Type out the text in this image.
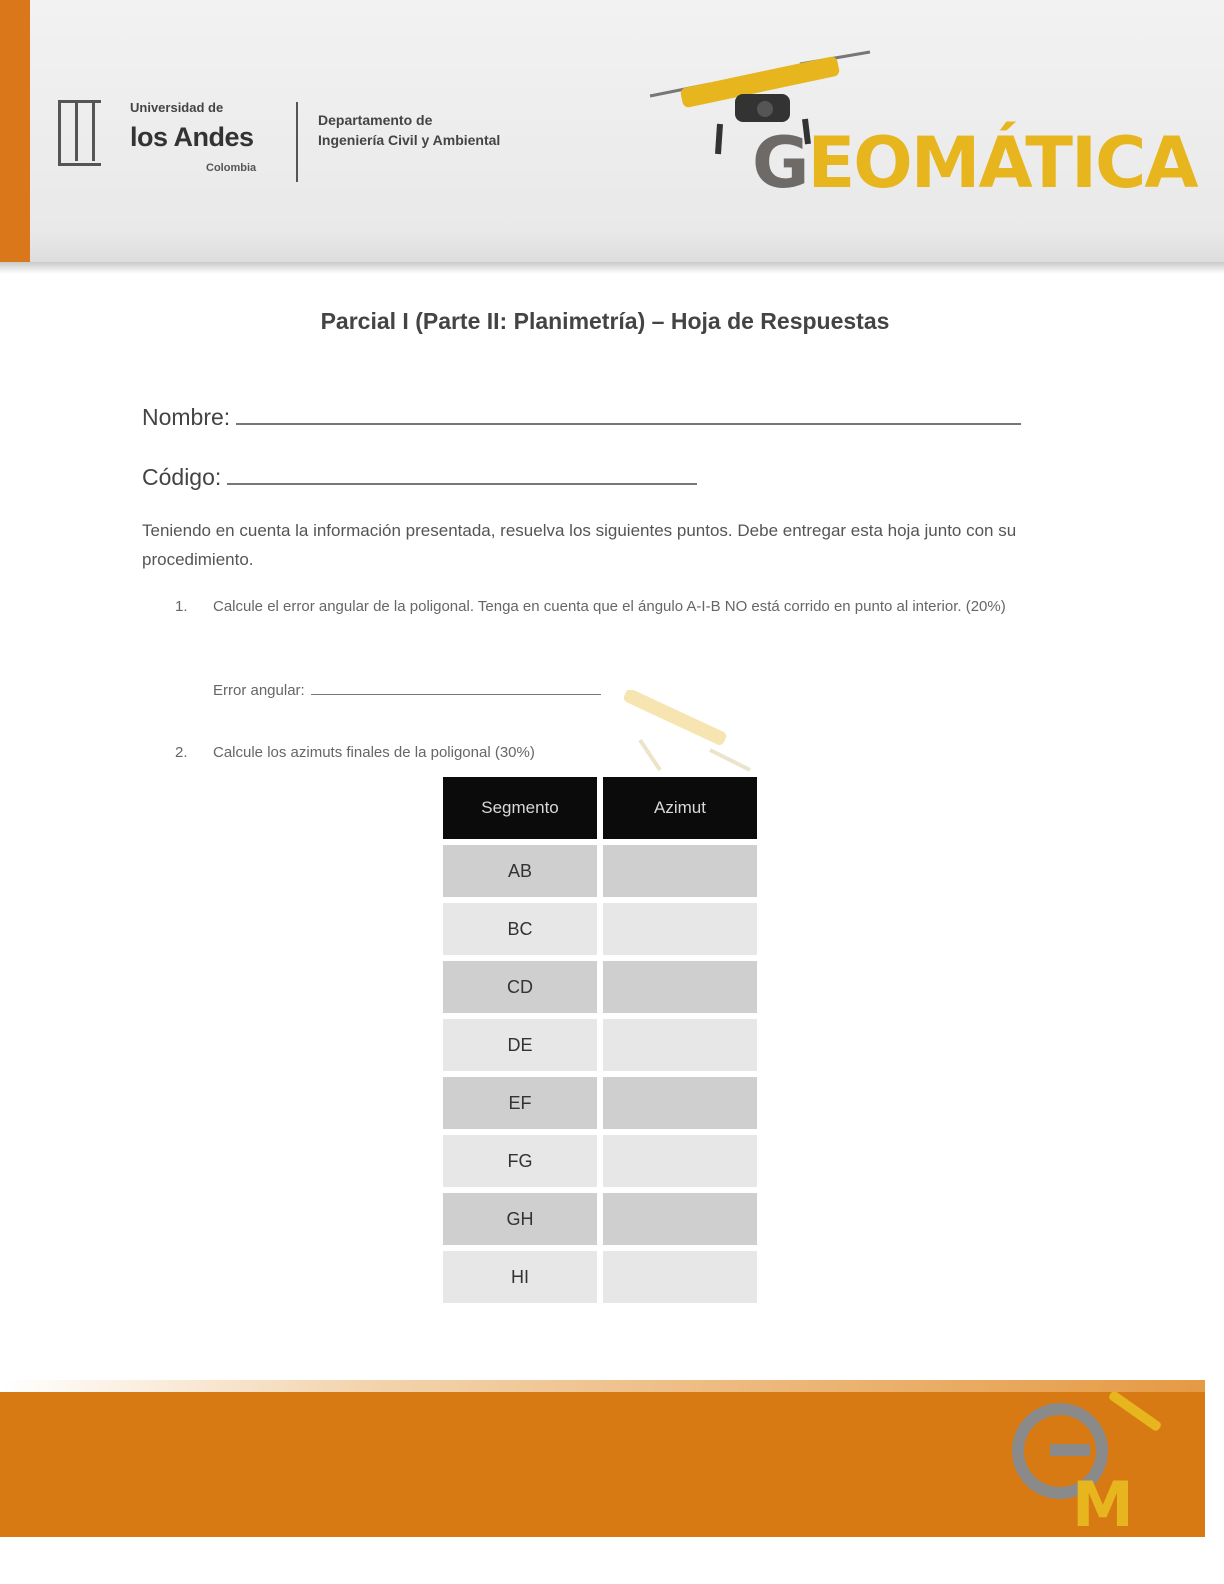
Universidad de
los Andes
Colombia
Departamento de
Ingeniería Civil y Ambiental	GEOMÁTICA
Parcial I (Parte II: Planimetría) – Hoja de Respuestas
Nombre:
Código:
Teniendo en cuenta la información presentada, resuelva los siguientes puntos. Debe entregar esta hoja junto con su procedimiento.
1. Calcule el error angular de la poligonal. Tenga en cuenta que el ángulo A-I-B NO está corrido en punto al interior. (20%)
Error angular:
2. Calcule los azimuts finales de la poligonal (30%)
Segmento	Azimut
AB	
BC	
CD	
DE	
EF	
FG	
GH	
HI	
M
